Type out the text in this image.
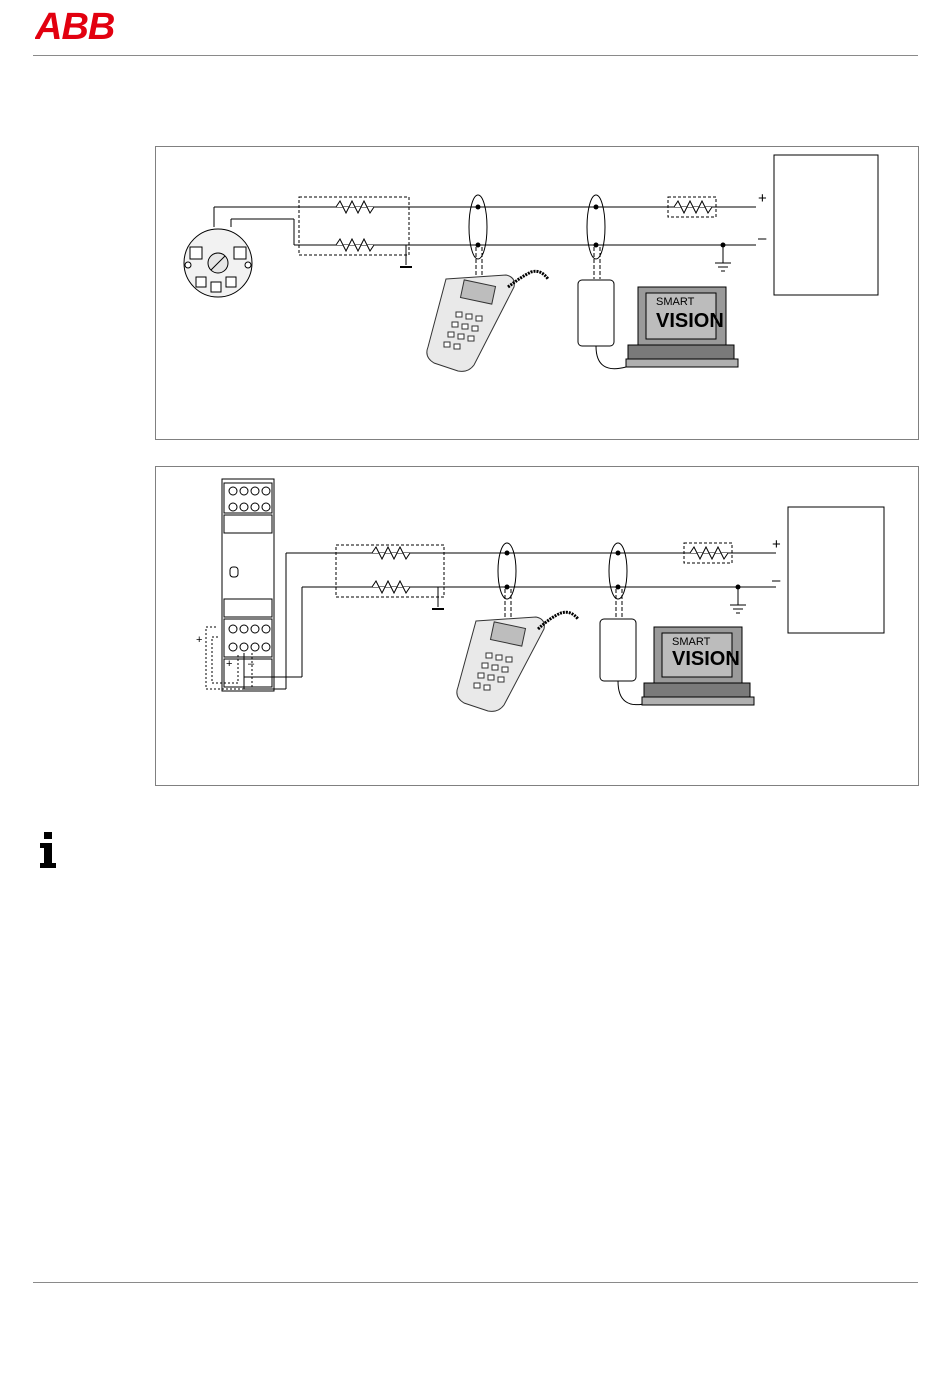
ABB
+
–
SMART
VISION
+
–
+
+ –
SMART
VISION
